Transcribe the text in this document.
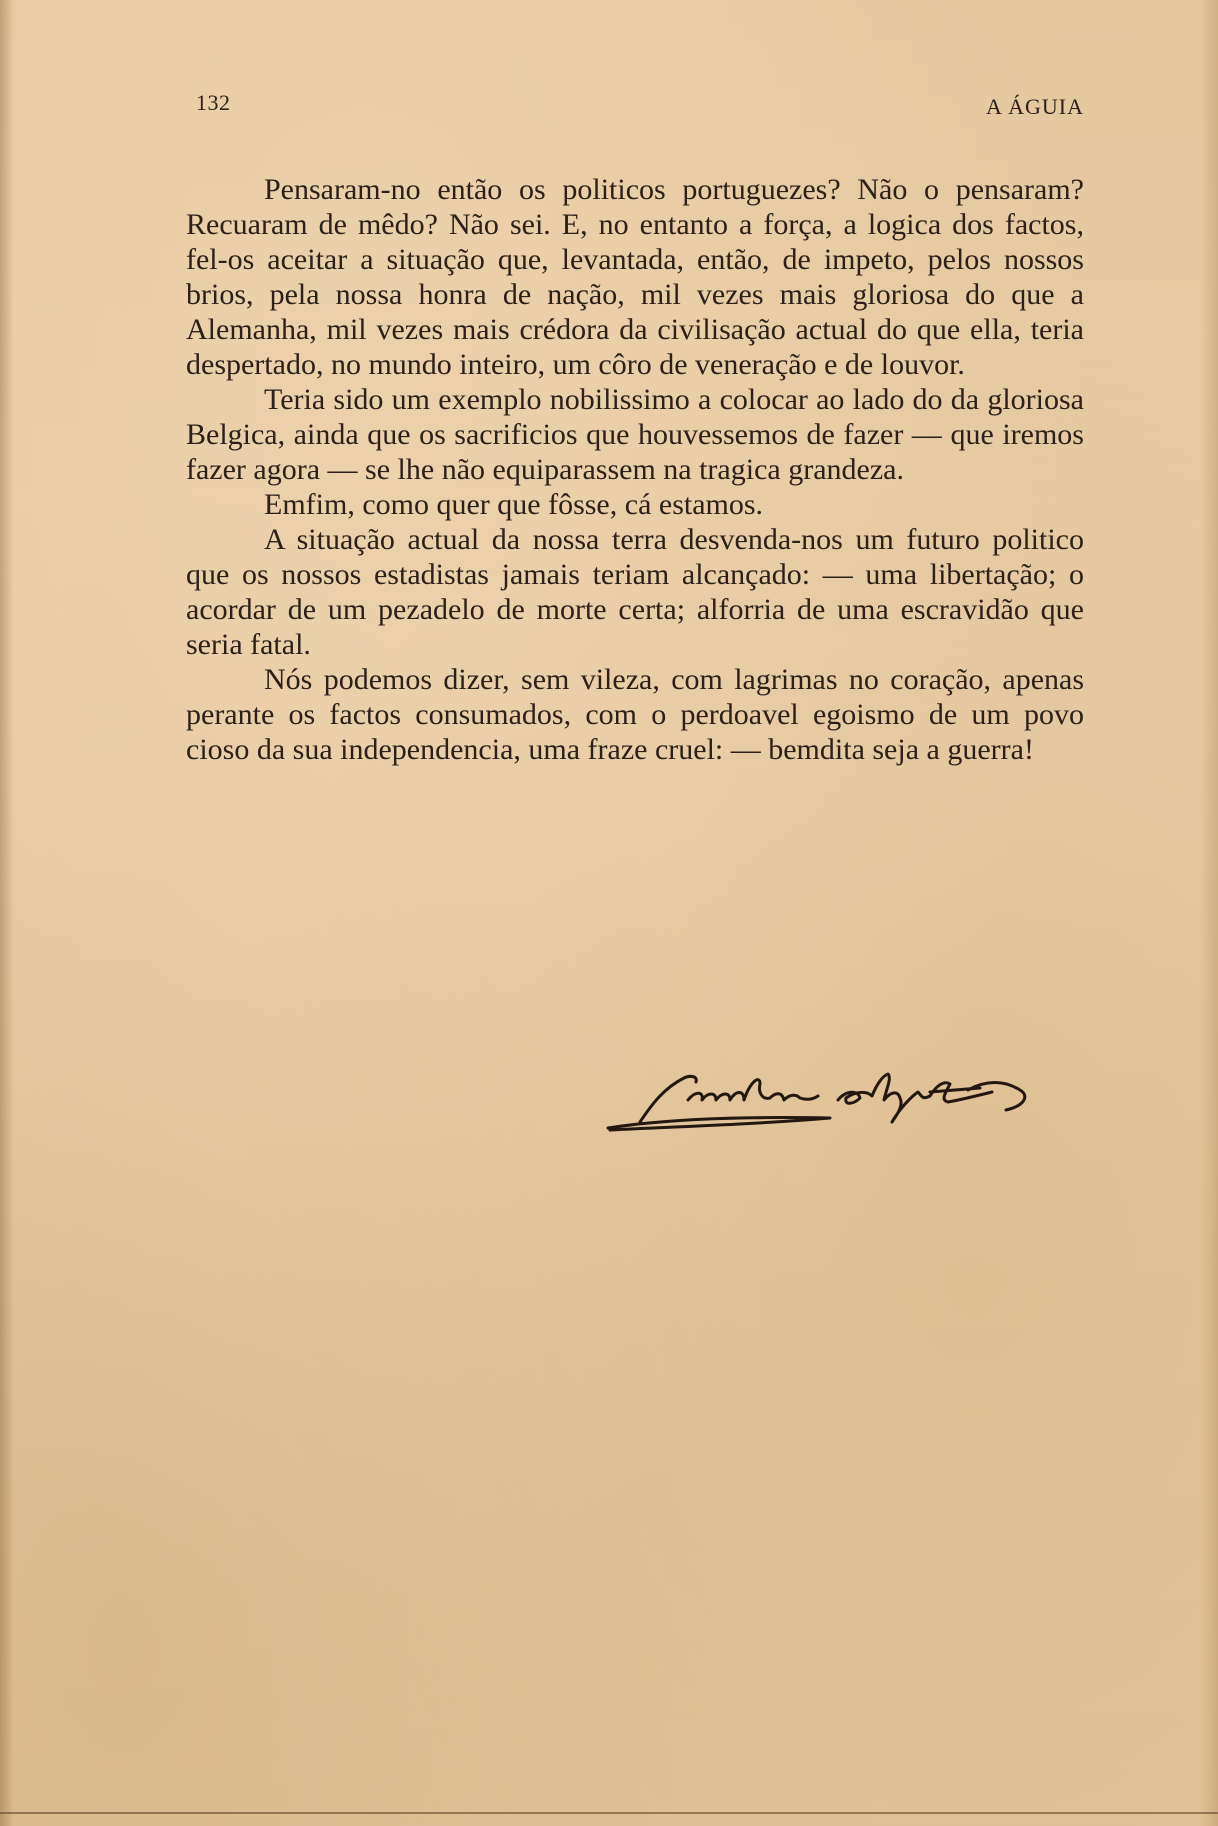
132	A ÁGUIA

Pensaram-no então os politicos portuguezes? Não o pensaram? Recuaram de mêdo? Não sei. E, no entanto a força, a logica dos factos, fel-os aceitar a situação que, levantada, então, de impeto, pelos nossos brios, pela nossa honra de nação, mil vezes mais gloriosa do que a Alemanha, mil vezes mais crédora da civilisação actual do que ella, teria despertado, no mundo inteiro, um côro de veneração e de louvor.

Teria sido um exemplo nobilissimo a colocar ao lado do da gloriosa Belgica, ainda que os sacrificios que houvessemos de fazer — que iremos fazer agora — se lhe não equiparassem na tragica grandeza.

Emfim, como quer que fôsse, cá estamos.

A situação actual da nossa terra desvenda-nos um futuro politico que os nossos estadistas jamais teriam alcançado: — uma libertação; o acordar de um pezadelo de morte certa; alforria de uma escravidão que seria fatal.

Nós podemos dizer, sem vileza, com lagrimas no coração, apenas perante os factos consumados, com o perdoavel egoismo de um povo cioso da sua independencia, uma fraze cruel: — bemdita seja a guerra!
